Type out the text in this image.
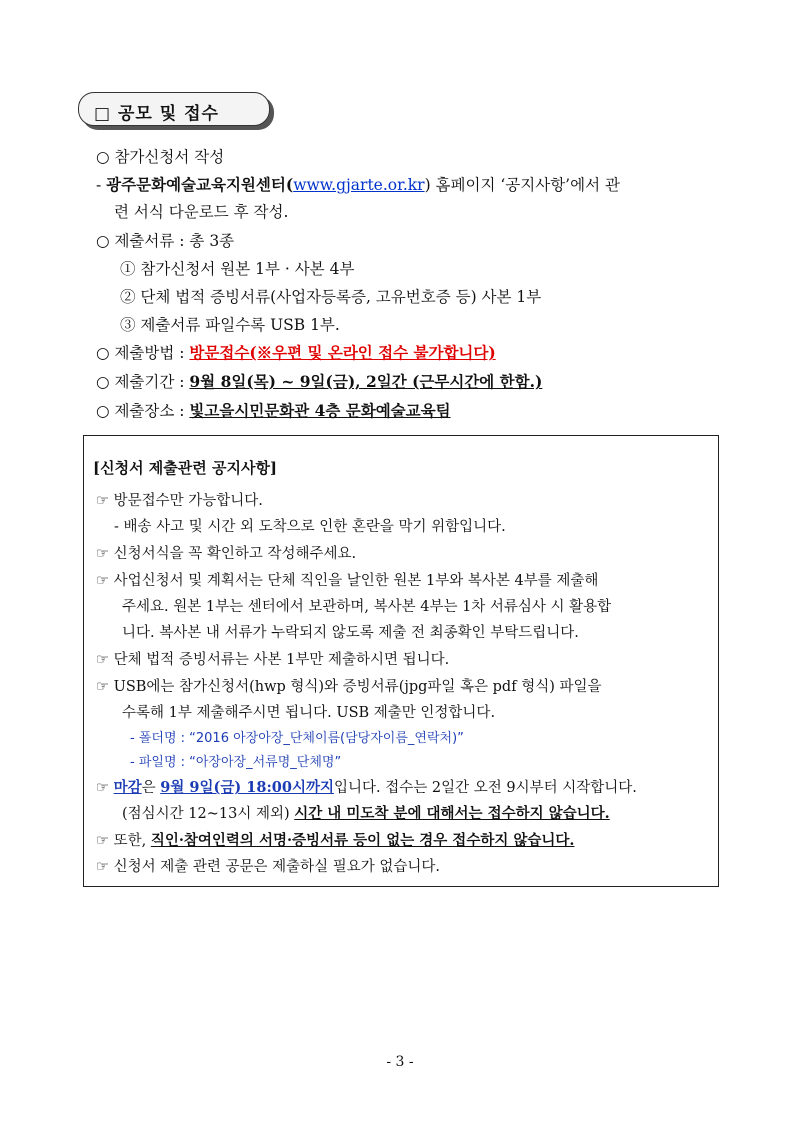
□ 공모 및 접수
○ 참가신청서 작성
- 광주문화예술교육지원센터(www.gjarte.or.kr) 홈페이지 ‘공지사항’에서 관
련 서식 다운로드 후 작성.
○ 제출서류 : 총 3종
① 참가신청서 원본 1부 · 사본 4부
② 단체 법적 증빙서류(사업자등록증, 고유번호증 등) 사본 1부
③ 제출서류 파일수록 USB 1부.
○ 제출방법 : 방문접수(※우편 및 온라인 접수 불가합니다)
○ 제출기간 : 9월 8일(목) ~ 9일(금), 2일간 (근무시간에 한함.)
○ 제출장소 : 빛고을시민문화관 4층 문화예술교육팀
[신청서 제출관련 공지사항]
☞ 방문접수만 가능합니다.
- 배송 사고 및 시간 외 도착으로 인한 혼란을 막기 위함입니다.
☞ 신청서식을 꼭 확인하고 작성해주세요.
☞ 사업신청서 및 계획서는 단체 직인을 날인한 원본 1부와 복사본 4부를 제출해
주세요. 원본 1부는 센터에서 보관하며, 복사본 4부는 1차 서류심사 시 활용합
니다. 복사본 내 서류가 누락되지 않도록 제출 전 최종확인 부탁드립니다.
☞ 단체 법적 증빙서류는 사본 1부만 제출하시면 됩니다.
☞ USB에는 참가신청서(hwp 형식)와 증빙서류(jpg파일 혹은 pdf 형식) 파일을
수록해 1부 제출해주시면 됩니다. USB 제출만 인정합니다.
- 폴더명 : “2016 아장아장_단체이름(담당자이름_연락처)”
- 파일명 : “아장아장_서류명_단체명”
☞ 마감은 9월 9일(금) 18:00시까지입니다. 접수는 2일간 오전 9시부터 시작합니다.
(점심시간 12~13시 제외) 시간 내 미도착 분에 대해서는 접수하지 않습니다.
☞ 또한, 직인·참여인력의 서명·증빙서류 등이 없는 경우 접수하지 않습니다.
☞ 신청서 제출 관련 공문은 제출하실 필요가 없습니다.
- 3 -
